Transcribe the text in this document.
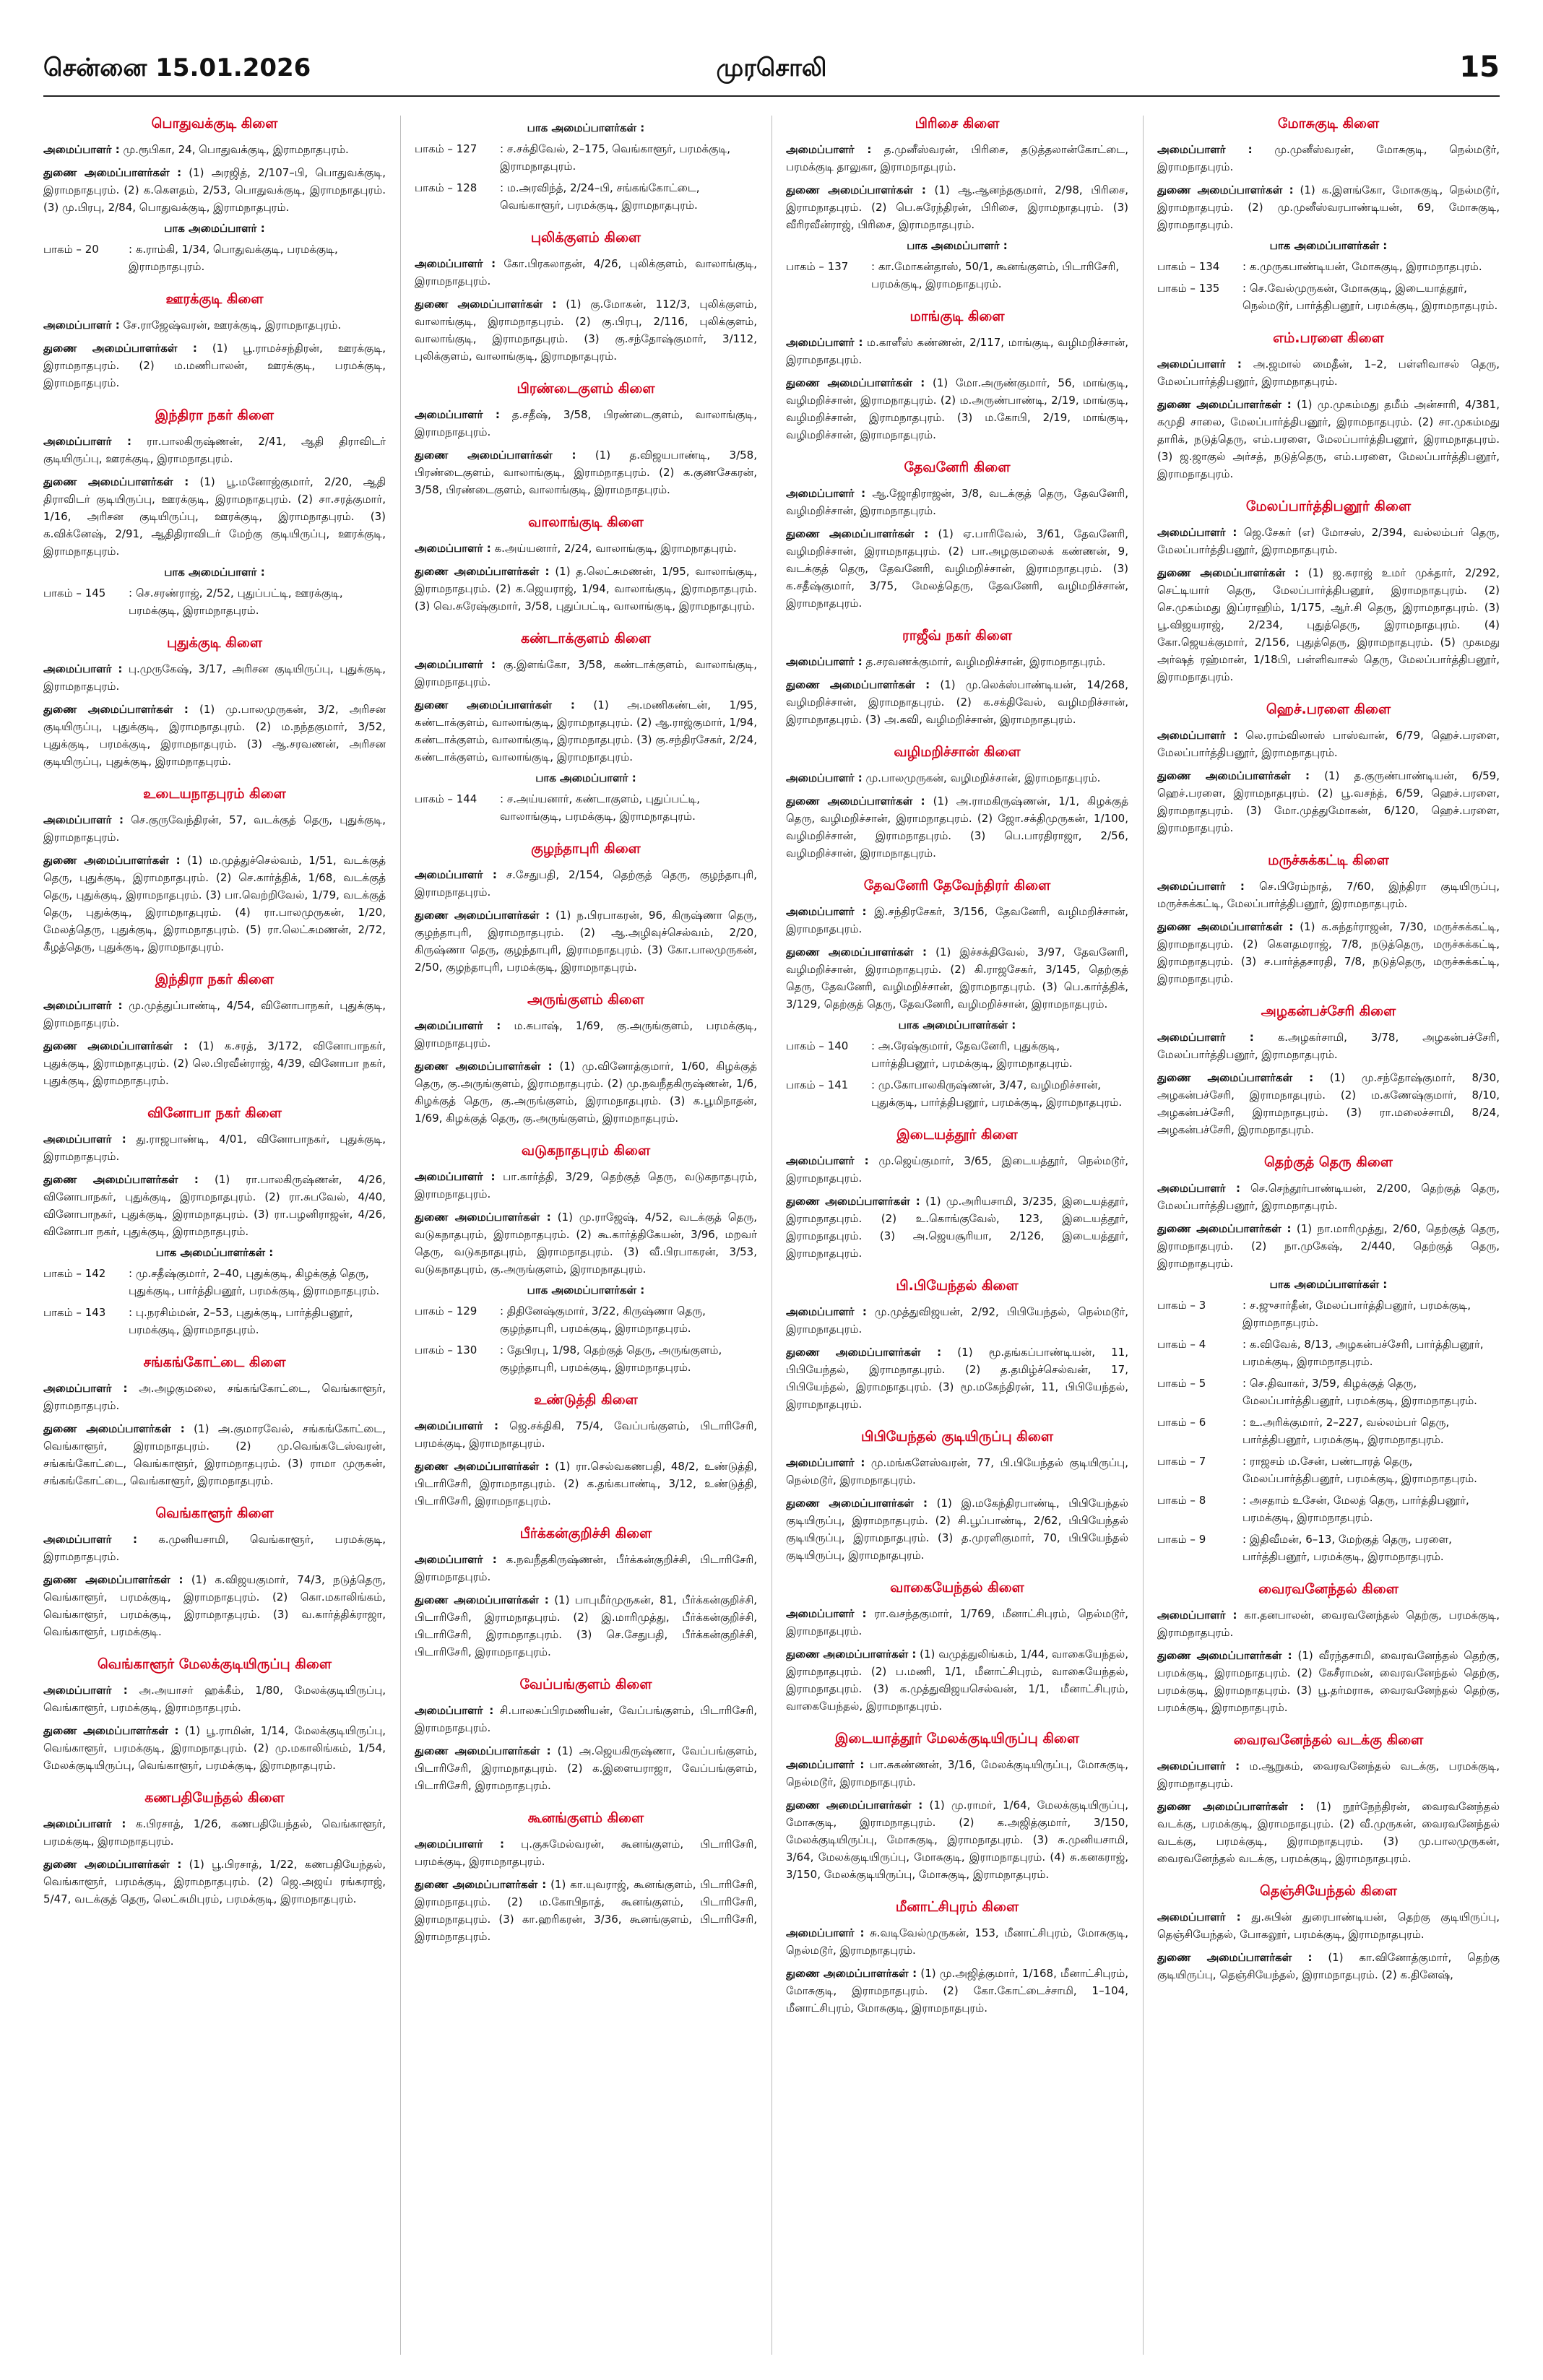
சென்னை 15.01.2026	முரசொலி	15
பொதுவக்குடி கிளை

அமைப்பாளர் : மு.ரூபிகா, 24, பொதுவக்குடி, இராமநாதபுரம்.

துணை அமைப்பாளர்கள் : (1) அரஜித், 2/107–பி, பொதுவக்குடி, இராமநாதபுரம். (2) க.கௌதம், 2/53, பொதுவக்குடி, இராமநாதபுரம். (3) மு.பிரபு, 2/84, பொதுவக்குடி, இராமநாதபுரம்.

பாக அமைப்பாளர் :
பாகம் – 20	: க.ராம்கி, 1/34, பொதுவக்குடி, பரமக்குடி, இராமநாதபுரம்.
ஊரக்குடி கிளை

அமைப்பாளர் : சே.ராஜேஷ்வரன், ஊரக்குடி, இராமநாதபுரம்.

துணை அமைப்பாளர்கள் : (1) பூ.ராமச்சந்திரன், ஊரக்குடி, இராமநாதபுரம். (2) ம.மணிபாலன், ஊரக்குடி, பரமக்குடி, இராமநாதபுரம்.

இந்திரா நகர் கிளை

அமைப்பாளர் : ரா.பாலகிருஷ்ணன், 2/41, ஆதி திராவிடர் குடியிருப்பு, ஊரக்குடி, இராமநாதபுரம்.

துணை அமைப்பாளர்கள் : (1) பூ.மனோஜ்குமார், 2/20, ஆதி திராவிடர் குடியிருப்பு, ஊரக்குடி, இராமநாதபுரம். (2) சா.சரத்குமார், 1/16, அரிசன குடியிருப்பு, ஊரக்குடி, இராமநாதபுரம். (3) க.விக்னேஷ், 2/91, ஆதிதிராவிடர் மேற்கு குடியிருப்பு, ஊரக்குடி, இராமநாதபுரம்.

பாக அமைப்பாளர் :
பாகம் – 145	: செ.சரண்ராஜ், 2/52, புதுப்பட்டி, ஊரக்குடி, பரமக்குடி, இராமநாதபுரம்.
புதுக்குடி கிளை

அமைப்பாளர் : பு.முருகேஷ், 3/17, அரிசன குடியிருப்பு, புதுக்குடி, இராமநாதபுரம்.

துணை அமைப்பாளர்கள் : (1) மு.பாலமுருகன், 3/2, அரிசன குடியிருப்பு, புதுக்குடி, இராமநாதபுரம். (2) ம.நந்தகுமார், 3/52, புதுக்குடி, பரமக்குடி, இராமநாதபுரம். (3) ஆ.சரவணன், அரிசன குடியிருப்பு, புதுக்குடி, இராமநாதபுரம்.

உடையநாதபுரம் கிளை

அமைப்பாளர் : செ.குருவேந்திரன், 57, வடக்குத் தெரு, புதுக்குடி, இராமநாதபுரம்.

துணை அமைப்பாளர்கள் : (1) ம.முத்துச்செல்வம், 1/51, வடக்குத் தெரு, புதுக்குடி, இராமநாதபுரம். (2) செ.கார்த்திக், 1/68, வடக்குத் தெரு, புதுக்குடி, இராமநாதபுரம். (3) பா.வெற்றிவேல், 1/79, வடக்குத் தெரு, புதுக்குடி, இராமநாதபுரம். (4) ரா.பாலமுருகன், 1/20, மேலத்தெரு, புதுக்குடி, இராமநாதபுரம். (5) ரா.லெட்சுமணன், 2/72, கீழத்தெரு, புதுக்குடி, இராமநாதபுரம்.

இந்திரா நகர் கிளை

அமைப்பாளர் : மு.முத்துப்பாண்டி, 4/54, வினோபாநகர், புதுக்குடி, இராமநாதபுரம்.

துணை அமைப்பாளர்கள் : (1) க.சரத், 3/172, வினோபாநகர், புதுக்குடி, இராமநாதபுரம். (2) லெ.பிரவீன்ராஜ், 4/39, வினோபா நகர், புதுக்குடி, இராமநாதபுரம்.

வினோபா நகர் கிளை

அமைப்பாளர் : து.ராஜபாண்டி, 4/01, வினோபாநகர், புதுக்குடி, இராமநாதபுரம்.

துணை அமைப்பாளர்கள் : (1) ரா.பாலகிருஷ்ணன், 4/26, வினோபாநகர், புதுக்குடி, இராமநாதபுரம். (2) ரா.சுபவேல், 4/40, வினோபாநகர், புதுக்குடி, இராமநாதபுரம். (3) ரா.பழனிராஜன், 4/26, வினோபா நகர், புதுக்குடி, இராமநாதபுரம்.

பாக அமைப்பாளர்கள் :
பாகம் – 142	: மு.சதீஷ்குமார், 2–40, புதுக்குடி, கிழக்குத் தெரு, புதுக்குடி, பார்த்திபனூர், பரமக்குடி, இராமநாதபுரம்.
பாகம் – 143	: பு.நரசிம்மன், 2–53, புதுக்குடி, பார்த்திபனூர், பரமக்குடி, இராமநாதபுரம்.
சங்கங்கோட்டை கிளை

அமைப்பாளர் : அ.அழகுமலை, சங்கங்கோட்டை, வெங்காளூர், இராமநாதபுரம்.

துணை அமைப்பாளர்கள் : (1) அ.குமாரவேல், சங்கங்கோட்டை, வெங்காளூர், இராமநாதபுரம். (2) மு.வெங்கடேஸ்வரன், சங்கங்கோட்டை, வெங்காளூர், இராமநாதபுரம். (3) ராமா முருகன், சங்கங்கோட்டை, வெங்காளூர், இராமநாதபுரம்.

வெங்காளூர் கிளை

அமைப்பாளர் : க.முனியசாமி, வெங்காளூர், பரமக்குடி, இராமநாதபுரம்.

துணை அமைப்பாளர்கள் : (1) க.விஜயகுமார், 74/3, நடுத்தெரு, வெங்காளூர், பரமக்குடி, இராமநாதபுரம். (2) கொ.மகாலிங்கம், வெங்காளூர், பரமக்குடி, இராமநாதபுரம். (3) வ.கார்த்திக்ராஜா, வெங்காளூர், பரமக்குடி.

வெங்காளூர் மேலக்குடியிருப்பு கிளை

அமைப்பாளர் : அ.அயாசர் ஹக்கீம், 1/80, மேலக்குடியிருப்பு, வெங்காளூர், பரமக்குடி, இராமநாதபுரம்.

துணை அமைப்பாளர்கள் : (1) பூ.ராமின், 1/14, மேலக்குடியிருப்பு, வெங்காளூர், பரமக்குடி, இராமநாதபுரம். (2) மு.மகாலிங்கம், 1/54, மேலக்குடியிருப்பு, வெங்காளூர், பரமக்குடி, இராமநாதபுரம்.

கணபதியேந்தல் கிளை

அமைப்பாளர் : க.பிரசாத், 1/26, கணபதியேந்தல், வெங்காளூர், பரமக்குடி, இராமநாதபுரம்.

துணை அமைப்பாளர்கள் : (1) பூ.பிரசாத், 1/22, கணபதியேந்தல், வெங்காளூர், பரமக்குடி, இராமநாதபுரம். (2) ஜெ.அஜய் ரங்கராஜ், 5/47, வடக்குத் தெரு, லெட்சுமிபுரம், பரமக்குடி, இராமநாதபுரம்.

பாக அமைப்பாளர்கள் :
பாகம் – 127	: ச.சக்திவேல், 2–175, வெங்காளூர், பரமக்குடி, இராமநாதபுரம்.
பாகம் – 128	: ம.அரவிந்த், 2/24–பி, சங்கங்கோட்டை, வெங்காளூர், பரமக்குடி, இராமநாதபுரம்.
புலிக்குளம் கிளை

அமைப்பாளர் : கோ.பிரகலாதன், 4/26, புலிக்குளம், வாலாங்குடி, இராமநாதபுரம்.

துணை அமைப்பாளர்கள் : (1) கு.மோகன், 112/3, புலிக்குளம், வாலாங்குடி, இராமநாதபுரம். (2) கு.பிரபு, 2/116, புலிக்குளம், வாலாங்குடி, இராமநாதபுரம். (3) கு.சந்தோஷ்குமார், 3/112, புலிக்குளம், வாலாங்குடி, இராமநாதபுரம்.

பிரண்டைகுளம் கிளை

அமைப்பாளர் : த.சதீஷ், 3/58, பிரண்டைகுளம், வாலாங்குடி, இராமநாதபுரம்.

துணை அமைப்பாளர்கள் : (1) த.விஜயபாண்டி, 3/58, பிரண்டைகுளம், வாலாங்குடி, இராமநாதபுரம். (2) க.குணசேகரன், 3/58, பிரண்டைகுளம், வாலாங்குடி, இராமநாதபுரம்.

வாலாங்குடி கிளை

அமைப்பாளர் : க.அய்யனார், 2/24, வாலாங்குடி, இராமநாதபுரம்.

துணை அமைப்பாளர்கள் : (1) த.லெட்சுமணன், 1/95, வாலாங்குடி, இராமநாதபுரம். (2) க.ஜெயராஜ், 1/94, வாலாங்குடி, இராமநாதபுரம். (3) வெ.சுரேஷ்குமார், 3/58, புதுப்பட்டி, வாலாங்குடி, இராமநாதபுரம்.

கண்டாக்குளம் கிளை

அமைப்பாளர் : கு.இளங்கோ, 3/58, கண்டாக்குளம், வாலாங்குடி, இராமநாதபுரம்.

துணை அமைப்பாளர்கள் : (1) அ.மணிகண்டன், 1/95, கண்டாக்குளம், வாலாங்குடி, இராமநாதபுரம். (2) ஆ.ராஜ்குமார், 1/94, கண்டாக்குளம், வாலாங்குடி, இராமநாதபுரம். (3) கு.சந்திரசேகர், 2/24, கண்டாக்குளம், வாலாங்குடி, இராமநாதபுரம்.

பாக அமைப்பாளர் :
பாகம் – 144	: ச.அய்யனார், கண்டாகுளம், புதுப்பட்டி, வாலாங்குடி, பரமக்குடி, இராமநாதபுரம்.
குழந்தாபுரி கிளை

அமைப்பாளர் : ச.சேதுபதி, 2/154, தெற்குத் தெரு, குழந்தாபுரி, இராமநாதபுரம்.

துணை அமைப்பாளர்கள் : (1) ந.பிரபாகரன், 96, கிருஷ்ணா தெரு, குழந்தாபுரி, இராமநாதபுரம். (2) ஆ.அழிவுச்செல்வம், 2/20, கிருஷ்ணா தெரு, குழந்தாபுரி, இராமநாதபுரம். (3) கோ.பாலமுருகன், 2/50, குழந்தாபுரி, பரமக்குடி, இராமநாதபுரம்.

அருங்குளம் கிளை

அமைப்பாளர் : ம.சுபாஷ், 1/69, கு.அருங்குளம், பரமக்குடி, இராமநாதபுரம்.

துணை அமைப்பாளர்கள் : (1) மு.வினோத்குமார், 1/60, கிழக்குத் தெரு, கு.அருங்குளம், இராமநாதபுரம். (2) மு.நவநீதகிருஷ்ணன், 1/6, கிழக்குத் தெரு, கு.அருங்குளம், இராமநாதபுரம். (3) க.பூமிநாதன், 1/69, கிழக்குத் தெரு, கு.அருங்குளம், இராமநாதபுரம்.

வடுகநாதபுரம் கிளை

அமைப்பாளர் : பா.கார்த்தி, 3/29, தெற்குத் தெரு, வடுகநாதபுரம், இராமநாதபுரம்.

துணை அமைப்பாளர்கள் : (1) மு.ராஜேஷ், 4/52, வடக்குத் தெரு, வடுகநாதபுரம், இராமநாதபுரம். (2) கூ.கார்த்திகேயன், 3/96, மறவர் தெரு, வடுகநாதபுரம், இராமநாதபுரம். (3) வீ.பிரபாகரன், 3/53, வடுகநாதபுரம், கு.அருங்குளம், இராமநாதபுரம்.

பாக அமைப்பாளர்கள் :
பாகம் – 129	: திதினேஷ்குமார், 3/22, கிருஷ்ணா தெரு, குழந்தாபுரி, பரமக்குடி, இராமநாதபுரம்.
பாகம் – 130	: தேபிரபு, 1/98, தெற்குத் தெரு, அருங்குளம், குழந்தாபுரி, பரமக்குடி, இராமநாதபுரம்.
உண்டுத்தி கிளை

அமைப்பாளர் : ஜெ.சக்திகி, 75/4, வேப்பங்குளம், பிடாரிசேரி, பரமக்குடி, இராமநாதபுரம்.

துணை அமைப்பாளர்கள் : (1) ரா.செல்வகணபதி, 48/2, உண்டுத்தி, பிடாரிசேரி, இராமநாதபுரம். (2) க.தங்கபாண்டி, 3/12, உண்டுத்தி, பிடாரிசேரி, இராமநாதபுரம்.

பீர்க்கன்குறிச்சி கிளை

அமைப்பாளர் : க.நவநீதகிருஷ்ணன், பீர்க்கன்குறிச்சி, பிடாரிசேரி, இராமநாதபுரம்.

துணை அமைப்பாளர்கள் : (1) பாபுமீர்முருகன், 81, பீர்க்கன்குறிச்சி, பிடாரிசேரி, இராமநாதபுரம். (2) இ.மாரிமுத்து, பீர்க்கன்குறிச்சி, பிடாரிசேரி, இராமநாதபுரம். (3) செ.சேதுபதி, பீர்க்கன்குறிச்சி, பிடாரிசேரி, இராமநாதபுரம்.

வேப்பங்குளம் கிளை

அமைப்பாளர் : சி.பாலசுப்பிரமணியன், வேப்பங்குளம், பிடாரிசேரி, இராமநாதபுரம்.

துணை அமைப்பாளர்கள் : (1) அ.ஜெயகிருஷ்ணா, வேப்பங்குளம், பிடாரிசேரி, இராமநாதபுரம். (2) க.இளையராஜா, வேப்பங்குளம், பிடாரிசேரி, இராமநாதபுரம்.

கூனங்குளம் கிளை

அமைப்பாளர் : பு.குசுமேல்வரன், கூனங்குளம், பிடாரிசேரி, பரமக்குடி, இராமநாதபுரம்.

துணை அமைப்பாளர்கள் : (1) கா.யுவராஜ், கூனங்குளம், பிடாரிசேரி, இராமநாதபுரம். (2) ம.கோபிநாத், கூனங்குளம், பிடாரிசேரி, இராமநாதபுரம். (3) கா.ஹரிகரன், 3/36, கூனங்குளம், பிடாரிசேரி, இராமநாதபுரம்.

பிரிசை கிளை

அமைப்பாளர் : த.முனீஸ்வரன், பிரிசை, தடுத்தலான்கோட்டை, பரமக்குடி தாலுகா, இராமநாதபுரம்.

துணை அமைப்பாளர்கள் : (1) ஆ.ஆனந்தகுமார், 2/98, பிரிசை, இராமநாதபுரம். (2) பெ.சுரேந்திரன், பிரிசை, இராமநாதபுரம். (3) வீரிரவீன்ராஜ், பிரிசை, இராமநாதபுரம்.

பாக அமைப்பாளர் :
பாகம் – 137	: கா.மோகன்தாஸ், 50/1, கூனங்குளம், பிடாரிசேரி, பரமக்குடி, இராமநாதபுரம்.
மாங்குடி கிளை

அமைப்பாளர் : ம.காளீஸ் கண்ணன், 2/117, மாங்குடி, வழிமறிச்சான், இராமநாதபுரம்.

துணை அமைப்பாளர்கள் : (1) மோ.அருண்குமார், 56, மாங்குடி, வழிமறிச்சான், இராமநாதபுரம். (2) ம.அருண்பாண்டி, 2/19, மாங்குடி, வழிமறிச்சான், இராமநாதபுரம். (3) ம.கோபி, 2/19, மாங்குடி, வழிமறிச்சான், இராமநாதபுரம்.

தேவனேரி கிளை

அமைப்பாளர் : ஆ.ஜோதிராஜன், 3/8, வடக்குத் தெரு, தேவனேரி, வழிமறிச்சான், இராமநாதபுரம்.

துணை அமைப்பாளர்கள் : (1) ஏ.பாரிவேல், 3/61, தேவனேரி, வழிமறிச்சான், இராமநாதபுரம். (2) பா.அழகுமலைக் கண்ணன், 9, வடக்குத் தெரு, தேவனேரி, வழிமறிச்சான், இராமநாதபுரம். (3) க.சதீஷ்குமார், 3/75, மேலத்தெரு, தேவனேரி, வழிமறிச்சான், இராமநாதபுரம்.

ராஜீவ் நகர் கிளை

அமைப்பாளர் : த.சரவணக்குமார், வழிமறிச்சான், இராமநாதபுரம்.

துணை அமைப்பாளர்கள் : (1) மு.லெக்ஸ்பாண்டியன், 14/268, வழிமறிச்சான், இராமநாதபுரம். (2) க.சக்திவேல், வழிமறிச்சான், இராமநாதபுரம். (3) அ.கவி, வழிமறிச்சான், இராமநாதபுரம்.

வழிமறிச்சான் கிளை

அமைப்பாளர் : மு.பாலமுருகன், வழிமறிச்சான், இராமநாதபுரம்.

துணை அமைப்பாளர்கள் : (1) அ.ராமகிருஷ்ணன், 1/1, கிழக்குத் தெரு, வழிமறிச்சான், இராமநாதபுரம். (2) ஜோ.சக்திமுருகன், 1/100, வழிமறிச்சான், இராமநாதபுரம். (3) பெ.பாரதிராஜா, 2/56, வழிமறிச்சான், இராமநாதபுரம்.

தேவனேரி தேவேந்திரர் கிளை

அமைப்பாளர் : இ.சந்திரசேகர், 3/156, தேவனேரி, வழிமறிச்சான், இராமநாதபுரம்.

துணை அமைப்பாளர்கள் : (1) இச்சக்திவேல், 3/97, தேவனேரி, வழிமறிச்சான், இராமநாதபுரம். (2) கி.ராஜசேகர், 3/145, தெற்குத் தெரு, தேவனேரி, வழிமறிச்சான், இராமநாதபுரம். (3) பெ.கார்த்திக், 3/129, தெற்குத் தெரு, தேவனேரி, வழிமறிச்சான், இராமநாதபுரம்.

பாக அமைப்பாளர்கள் :
பாகம் – 140	: அ.ரேஷ்குமார், தேவனேரி, புதுக்குடி, பார்த்திபனூர், பரமக்குடி, இராமநாதபுரம்.
பாகம் – 141	: மு.கோபாலகிருஷ்ணன், 3/47, வழிமறிச்சான், புதுக்குடி, பார்த்திபனூர், பரமக்குடி, இராமநாதபுரம்.
இடையத்தூர் கிளை

அமைப்பாளர் : மு.ஜெய்குமார், 3/65, இடையத்தூர், நெல்மடூர், இராமநாதபுரம்.

துணை அமைப்பாளர்கள் : (1) மு.அரியசாமி, 3/235, இடையத்தூர், இராமநாதபுரம். (2) உ.கொங்குவேல், 123, இடையத்தூர், இராமநாதபுரம். (3) அ.ஜெயசூரியா, 2/126, இடையத்தூர், இராமநாதபுரம்.

பி.பியேந்தல் கிளை

அமைப்பாளர் : மு.முத்துவிஜயன், 2/92, பிபியேந்தல், நெல்மடூர், இராமநாதபுரம்.

துணை அமைப்பாளர்கள் : (1) மூ.தங்கப்பாண்டியன், 11, பிபியேந்தல், இராமநாதபுரம். (2) த.தமிழ்ச்செல்வன், 17, பிபியேந்தல், இராமநாதபுரம். (3) மூ.மகேந்திரன், 11, பிபியேந்தல், இராமநாதபுரம்.

பிபியேந்தல் குடியிருப்பு கிளை

அமைப்பாளர் : மு.மங்களேஸ்வரன், 77, பி.பியேந்தல் குடியிருப்பு, நெல்மடூர், இராமநாதபுரம்.

துணை அமைப்பாளர்கள் : (1) இ.மகேந்திரபாண்டி, பிபியேந்தல் குடியிருப்பு, இராமநாதபுரம். (2) சி.பூப்பாண்டி, 2/62, பிபியேந்தல் குடியிருப்பு, இராமநாதபுரம். (3) த.முரளிகுமார், 70, பிபியேந்தல் குடியிருப்பு, இராமநாதபுரம்.

வாகையேந்தல் கிளை

அமைப்பாளர் : ரா.வசந்தகுமார், 1/769, மீனாட்சிபுரம், நெல்மடூர், இராமநாதபுரம்.

துணை அமைப்பாளர்கள் : (1) வமுத்துலிங்கம், 1/44, வாகையேந்தல், இராமநாதபுரம். (2) ப.மணி, 1/1, மீனாட்சிபுரம், வாகையேந்தல், இராமநாதபுரம். (3) க.முத்துவிஜயசெல்வன், 1/1, மீனாட்சிபுரம், வாகையேந்தல், இராமநாதபுரம்.

இடையாத்தூர் மேலக்குடியிருப்பு கிளை

அமைப்பாளர் : பா.சுகண்ணன், 3/16, மேலக்குடியிருப்பு, மோசுகுடி, நெல்மடூர், இராமநாதபுரம்.

துணை அமைப்பாளர்கள் : (1) மு.ராமர், 1/64, மேலக்குடியிருப்பு, மோசுகுடி, இராமநாதபுரம். (2) க.அஜித்குமார், 3/150, மேலக்குடியிருப்பு, மோசுகுடி, இராமநாதபுரம். (3) சு.முனியசாமி, 3/64, மேலக்குடியிருப்பு, மோசுகுடி, இராமநாதபுரம். (4) சு.கனகராஜ், 3/150, மேலக்குடியிருப்பு, மோசுகுடி, இராமநாதபுரம்.

மீனாட்சிபுரம் கிளை

அமைப்பாளர் : சு.வடிவேல்முருகன், 153, மீனாட்சிபுரம், மோசுகுடி, நெல்மடூர், இராமநாதபுரம்.

துணை அமைப்பாளர்கள் : (1) மு.அஜித்குமார், 1/168, மீனாட்சிபுரம், மோசுகுடி, இராமநாதபுரம். (2) கோ.கோட்டைச்சாமி, 1–104, மீனாட்சிபுரம், மோசுகுடி, இராமநாதபுரம்.

மோசுகுடி கிளை

அமைப்பாளர் : மு.முனீஸ்வரன், மோசுகுடி, நெல்மடூர், இராமநாதபுரம்.

துணை அமைப்பாளர்கள் : (1) க.இளங்கோ, மோசுகுடி, நெல்மடூர், இராமநாதபுரம். (2) மு.முனீஸ்வரபாண்டியன், 69, மோசுகுடி, இராமநாதபுரம்.

பாக அமைப்பாளர்கள் :
பாகம் – 134	: க.முருகபாண்டியன், மோசுகுடி, இராமநாதபுரம்.
பாகம் – 135	: செ.வேல்முருகன், மோசுகுடி, இடையாத்தூர், நெல்மடூர், பார்த்திபனூர், பரமக்குடி, இராமநாதபுரம்.
எம்.பரளை கிளை

அமைப்பாளர் : அ.ஜமால் மைதீன், 1–2, பள்ளிவாசல் தெரு, மேலப்பார்த்திபனூர், இராமநாதபுரம்.

துணை அமைப்பாளர்கள் : (1) மு.முகம்மது தமீம் அன்சாரி, 4/381, கமுதி சாலை, மேலப்பார்த்திபனூர், இராமநாதபுரம். (2) சா.முகம்மது தாரிக், நடுத்தெரு, எம்.பரளை, மேலப்பார்த்திபனூர், இராமநாதபுரம். (3) ஜ.ஜாகுல் அர்சத், நடுத்தெரு, எம்.பரளை, மேலப்பார்த்திபனூர், இராமநாதபுரம்.

மேலப்பார்த்திபனூர் கிளை

அமைப்பாளர் : ஜெ.சேகர் (எ) மோசஸ், 2/394, வல்லம்பர் தெரு, மேலப்பார்த்திபனூர், இராமநாதபுரம்.

துணை அமைப்பாளர்கள் : (1) ஜ.சுராஜ் உமர் முக்தார், 2/292, செட்டியார் தெரு, மேலப்பார்த்திபனூர், இராமநாதபுரம். (2) செ.முகம்மது இப்ராஹிம், 1/175, ஆர்.சி தெரு, இராமநாதபுரம். (3) பூ.விஜயராஜ், 2/234, புதுத்தெரு, இராமநாதபுரம். (4) கோ.ஜெயக்குமார், 2/156, புதுத்தெரு, இராமநாதபுரம். (5) முகமது அர்ஷத் ரஹ்மான், 1/18பி, பள்ளிவாசல் தெரு, மேலப்பார்த்திபனூர், இராமநாதபுரம்.

ஹெச்.பரளை கிளை

அமைப்பாளர் : லெ.ராம்விலாஸ் பாஸ்வான், 6/79, ஹெச்.பரளை, மேலப்பார்த்திபனூர், இராமநாதபுரம்.

துணை அமைப்பாளர்கள் : (1) த.குருண்பாண்டியன், 6/59, ஹெச்.பரளை, இராமநாதபுரம். (2) பூ.வசந்த், 6/59, ஹெச்.பரளை, இராமநாதபுரம். (3) மோ.முத்துமோகன், 6/120, ஹெச்.பரளை, இராமநாதபுரம்.

மருச்சுக்கட்டி கிளை

அமைப்பாளர் : செ.பிரேம்நாத், 7/60, இந்திரா குடியிருப்பு, மருச்சுக்கட்டி, மேலப்பார்த்திபனூர், இராமநாதபுரம்.

துணை அமைப்பாளர்கள் : (1) க.சுந்தர்ராஜன், 7/30, மருச்சுக்கட்டி, இராமநாதபுரம். (2) கௌதமராஜ், 7/8, நடுத்தெரு, மருச்சுக்கட்டி, இராமநாதபுரம். (3) ச.பார்த்தசாரதி, 7/8, நடுத்தெரு, மருச்சுக்கட்டி, இராமநாதபுரம்.

அழகன்பச்சேரி கிளை

அமைப்பாளர் : க.அழகர்சாமி, 3/78, அழகன்பச்சேரி, மேலப்பார்த்திபனூர், இராமநாதபுரம்.

துணை அமைப்பாளர்கள் : (1) மு.சந்தோஷ்குமார், 8/30, அழகன்பச்சேரி, இராமநாதபுரம். (2) ம.கணேஷ்குமார், 8/10, அழகன்பச்சேரி, இராமநாதபுரம். (3) ரா.மலைச்சாமி, 8/24, அழகன்பச்சேரி, இராமநாதபுரம்.

தெற்குத் தெரு கிளை

அமைப்பாளர் : செ.செந்தூர்பாண்டியன், 2/200, தெற்குத் தெரு, மேலப்பார்த்திபனூர், இராமநாதபுரம்.

துணை அமைப்பாளர்கள் : (1) நா.மாரிமுத்து, 2/60, தெற்குத் தெரு, இராமநாதபுரம். (2) நா.முகேஷ், 2/440, தெற்குத் தெரு, இராமநாதபுரம்.

பாக அமைப்பாளர்கள் :
பாகம் – 3	: ச.ஜுசார்தீன், மேலப்பார்த்திபனூர், பரமக்குடி, இராமநாதபுரம்.
பாகம் – 4	: க.விவேக், 8/13, அழகன்பச்சேரி, பார்த்திபனூர், பரமக்குடி, இராமநாதபுரம்.
பாகம் – 5	: செ.திவாகர், 3/59, கிழக்குத் தெரு, மேலப்பார்த்திபனூர், பரமக்குடி, இராமநாதபுரம்.
பாகம் – 6	: உ.அரிக்குமார், 2–227, வல்லம்பர் தெரு, பார்த்திபனூர், பரமக்குடி, இராமநாதபுரம்.
பாகம் – 7	: ராஜசம் ம.சேன், பண்டாரத் தெரு, மேலப்பார்த்திபனூர், பரமக்குடி, இராமநாதபுரம்.
பாகம் – 8	: அசதாம் உசேன், மேலத் தெரு, பார்த்திபனூர், பரமக்குடி, இராமநாதபுரம்.
பாகம் – 9	: இதிவீமன், 6–13, மேற்குத் தெரு, பரளை, பார்த்திபனூர், பரமக்குடி, இராமநாதபுரம்.
வைரவனேந்தல் கிளை

அமைப்பாளர் : கா.தனபாலன், வைரவனேந்தல் தெற்கு, பரமக்குடி, இராமநாதபுரம்.

துணை அமைப்பாளர்கள் : (1) வீரந்தசாமி, வைரவனேந்தல் தெற்கு, பரமக்குடி, இராமநாதபுரம். (2) கேசீராமன், வைரவனேந்தல் தெற்கு, பரமக்குடி, இராமநாதபுரம். (3) பூ.தர்மராசு, வைரவனேந்தல் தெற்கு, பரமக்குடி, இராமநாதபுரம்.

வைரவனேந்தல் வடக்கு கிளை

அமைப்பாளர் : ம.ஆறுகம், வைரவனேந்தல் வடக்கு, பரமக்குடி, இராமநாதபுரம்.

துணை அமைப்பாளர்கள் : (1) நூர்நேந்திரன், வைரவனேந்தல் வடக்கு, பரமக்குடி, இராமநாதபுரம். (2) வீ.முருகன், வைரவனேந்தல் வடக்கு, பரமக்குடி, இராமநாதபுரம். (3) மு.பாலமுருகன், வைரவனேந்தல் வடக்கு, பரமக்குடி, இராமநாதபுரம்.

தெஞ்சியேந்தல் கிளை

அமைப்பாளர் : து.சுபின் துரைபாண்டியன், தெற்கு குடியிருப்பு, தெஞ்சியேந்தல், போகலூர், பரமக்குடி, இராமநாதபுரம்.

துணை அமைப்பாளர்கள் : (1) கா.வினோத்குமார், தெற்கு குடியிருப்பு, தெஞ்சியேந்தல், இராமநாதபுரம். (2) க.தினேஷ்,
